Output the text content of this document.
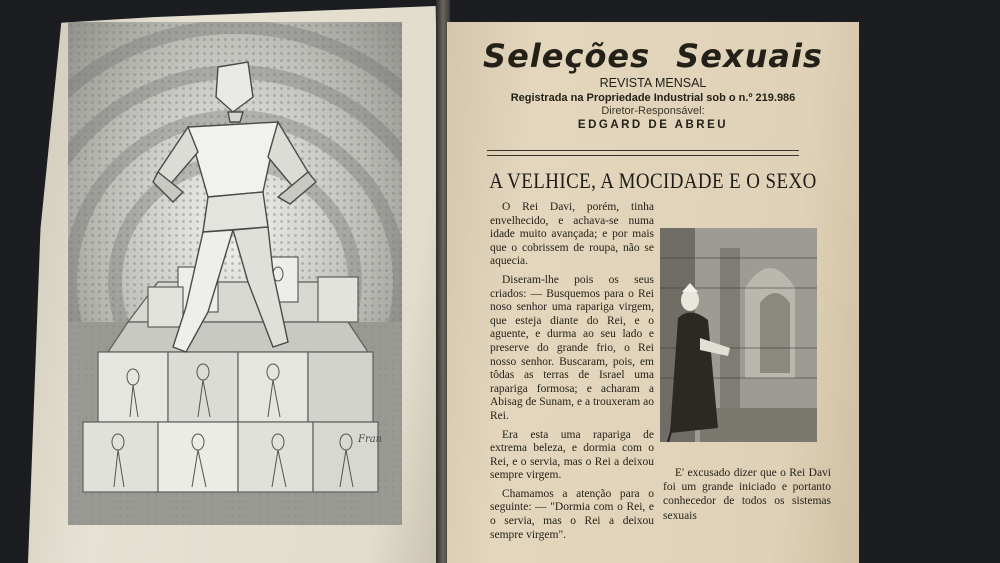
Fran
Seleções Sexuais
REVISTA MENSAL
Registrada na Propriedade Industrial sob o n.º 219.986
Diretor-Responsável:
EDGARD DE ABREU
A VELHICE, A MOCIDADE E O SEXO

O Rei Davi, porém, tinha envelhecido, e achava-se numa idade muito avançada; e por mais que o cobrissem de roupa, não se aquecia.

Diseram-lhe pois os seus criados: — Busquemos para o Rei noso senhor uma rapariga virgem, que esteja diante do Rei, e o aguente, e durma ao seu lado e preserve do grande frio, o Rei nosso senhor. Buscaram, pois, em tôdas as terras de Israel uma rapariga formosa; e acharam a Abisag de Sunam, e a trouxeram ao Rei.

Era esta uma rapariga de extrema beleza, e dormia com o Rei, e o servia, mas o Rei a deixou sempre virgem.

Chamamos a atenção para o seguinte: — "Dormia com o Rei, e o servia, mas o Rei a deixou sempre virgem".

E' excusado dizer que o Rei Davi foi um grande iniciado e portanto conhecedor de todos os sistemas sexuais
